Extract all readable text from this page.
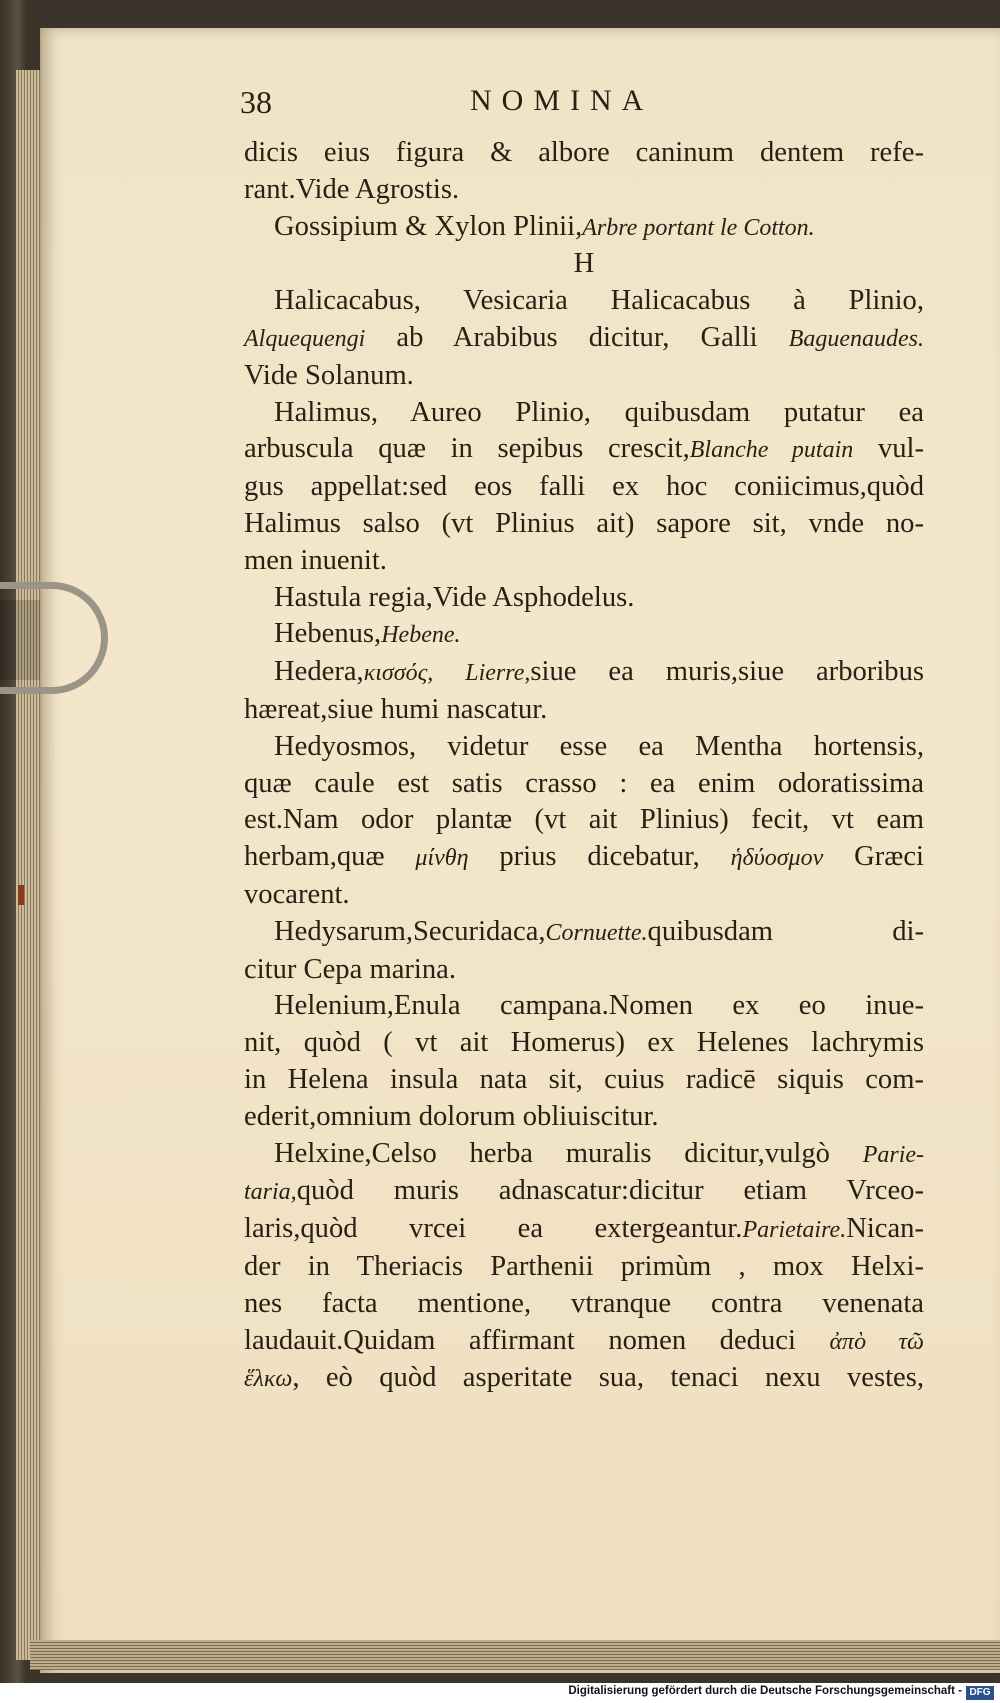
38	NOMINA
dicis eius figura & albore caninum dentem refe-
rant.Vide Agrostis.
Gossipium & Xylon Plinii,Arbre portant le Cotton.
H
Halicacabus, Vesicaria Halicacabus à Plinio,
Alquequengi ab Arabibus dicitur, Galli Baguenaudes.
Vide Solanum.
Halimus, Aureo Plinio, quibusdam putatur ea
arbuscula quæ in sepibus crescit,Blanche putain vul-
gus appellat:sed eos falli ex hoc coniicimus,quòd
Halimus salso (vt Plinius ait) sapore sit, vnde no-
men inuenit.
Hastula regia,Vide Asphodelus.
Hebenus,Hebene.
Hedera,κισσός, Lierre,siue ea muris,siue arboribus
hæreat,siue humi nascatur.
Hedyosmos, videtur esse ea Mentha hortensis,
quæ caule est satis crasso : ea enim odoratissima
est.Nam odor plantæ (vt ait Plinius) fecit, vt eam
herbam,quæ μίνθη prius dicebatur, ἡδύοσμον Græci
vocarent.
Hedysarum,Securidaca,Cornuette.quibusdam di-
citur Cepa marina.
Helenium,Enula campana.Nomen ex eo inue-
nit, quòd ( vt ait Homerus) ex Helenes lachrymis
in Helena insula nata sit, cuius radicē siquis com-
ederit,omnium dolorum obliuiscitur.
Helxine,Celso herba muralis dicitur,vulgò Parie-
taria,quòd muris adnascatur:dicitur etiam Vrceo-
laris,quòd vrcei ea extergeantur.Parietaire.Nican-
der in Theriacis Parthenii primùm , mox Helxi-
nes facta mentione, vtranque contra venenata
laudauit.Quidam affirmant nomen deduci ἀπὸ τῶ
ἕλκω, eò quòd asperitate sua, tenaci nexu vestes,
Digitalisierung gefördert durch die Deutsche Forschungsgemeinschaft - DFG
